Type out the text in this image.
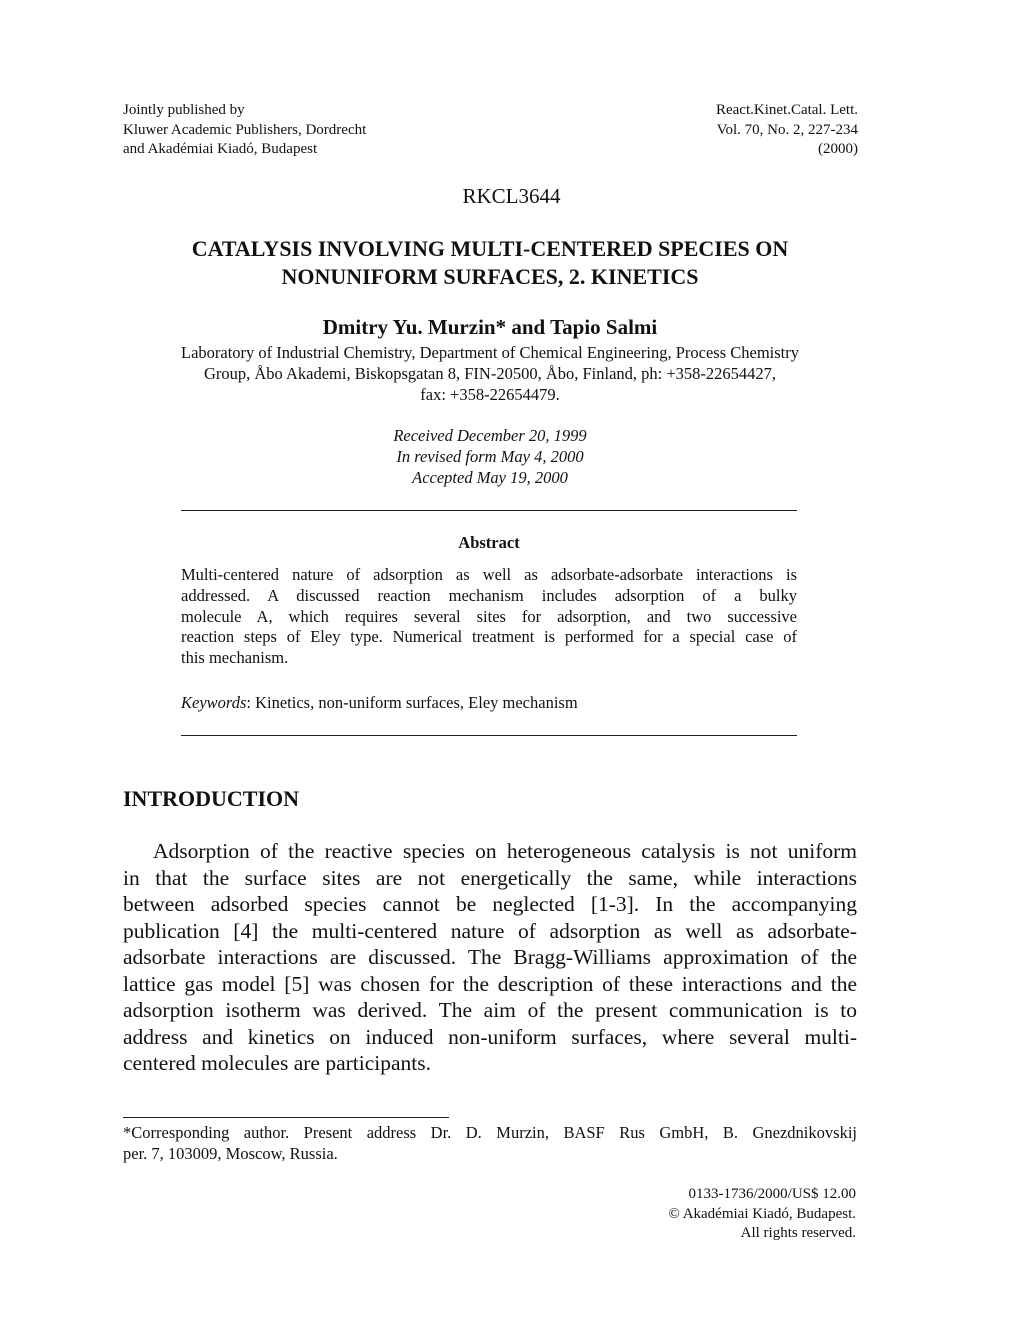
Jointly published by
Kluwer Academic Publishers, Dordrecht
and Akadémiai Kiadó, Budapest
React.Kinet.Catal. Lett.
Vol. 70, No. 2, 227-234
(2000)
RKCL3644
CATALYSIS INVOLVING MULTI-CENTERED SPECIES ON
NONUNIFORM SURFACES, 2. KINETICS
Dmitry Yu. Murzin* and Tapio Salmi
Laboratory of Industrial Chemistry, Department of Chemical Engineering, Process Chemistry
Group, Åbo Akademi, Biskopsgatan 8, FIN-20500, Åbo, Finland, ph: +358-22654427,
fax: +358-22654479.
Received December 20, 1999
In revised form May 4, 2000
Accepted May 19, 2000
Abstract
Multi-centered nature of adsorption as well as adsorbate-adsorbate interactions is
addressed. A discussed reaction mechanism includes adsorption of a bulky
molecule A, which requires several sites for adsorption, and two successive
reaction steps of Eley type. Numerical treatment is performed for a special case of
this mechanism.
Keywords: Kinetics, non-uniform surfaces, Eley mechanism
INTRODUCTION
Adsorption of the reactive species on heterogeneous catalysis is not uniform
in that the surface sites are not energetically the same, while interactions
between adsorbed species cannot be neglected [1-3]. In the accompanying
publication [4] the multi-centered nature of adsorption as well as adsorbate-
adsorbate interactions are discussed. The Bragg-Williams approximation of the
lattice gas model [5] was chosen for the description of these interactions and the
adsorption isotherm was derived. The aim of the present communication is to
address and kinetics on induced non-uniform surfaces, where several multi-
centered molecules are participants.
*Corresponding author. Present address Dr. D. Murzin, BASF Rus GmbH, B. Gnezdnikovskij
per. 7, 103009, Moscow, Russia.
0133-1736/2000/US$ 12.00
© Akadémiai Kiadó, Budapest.
All rights reserved.
